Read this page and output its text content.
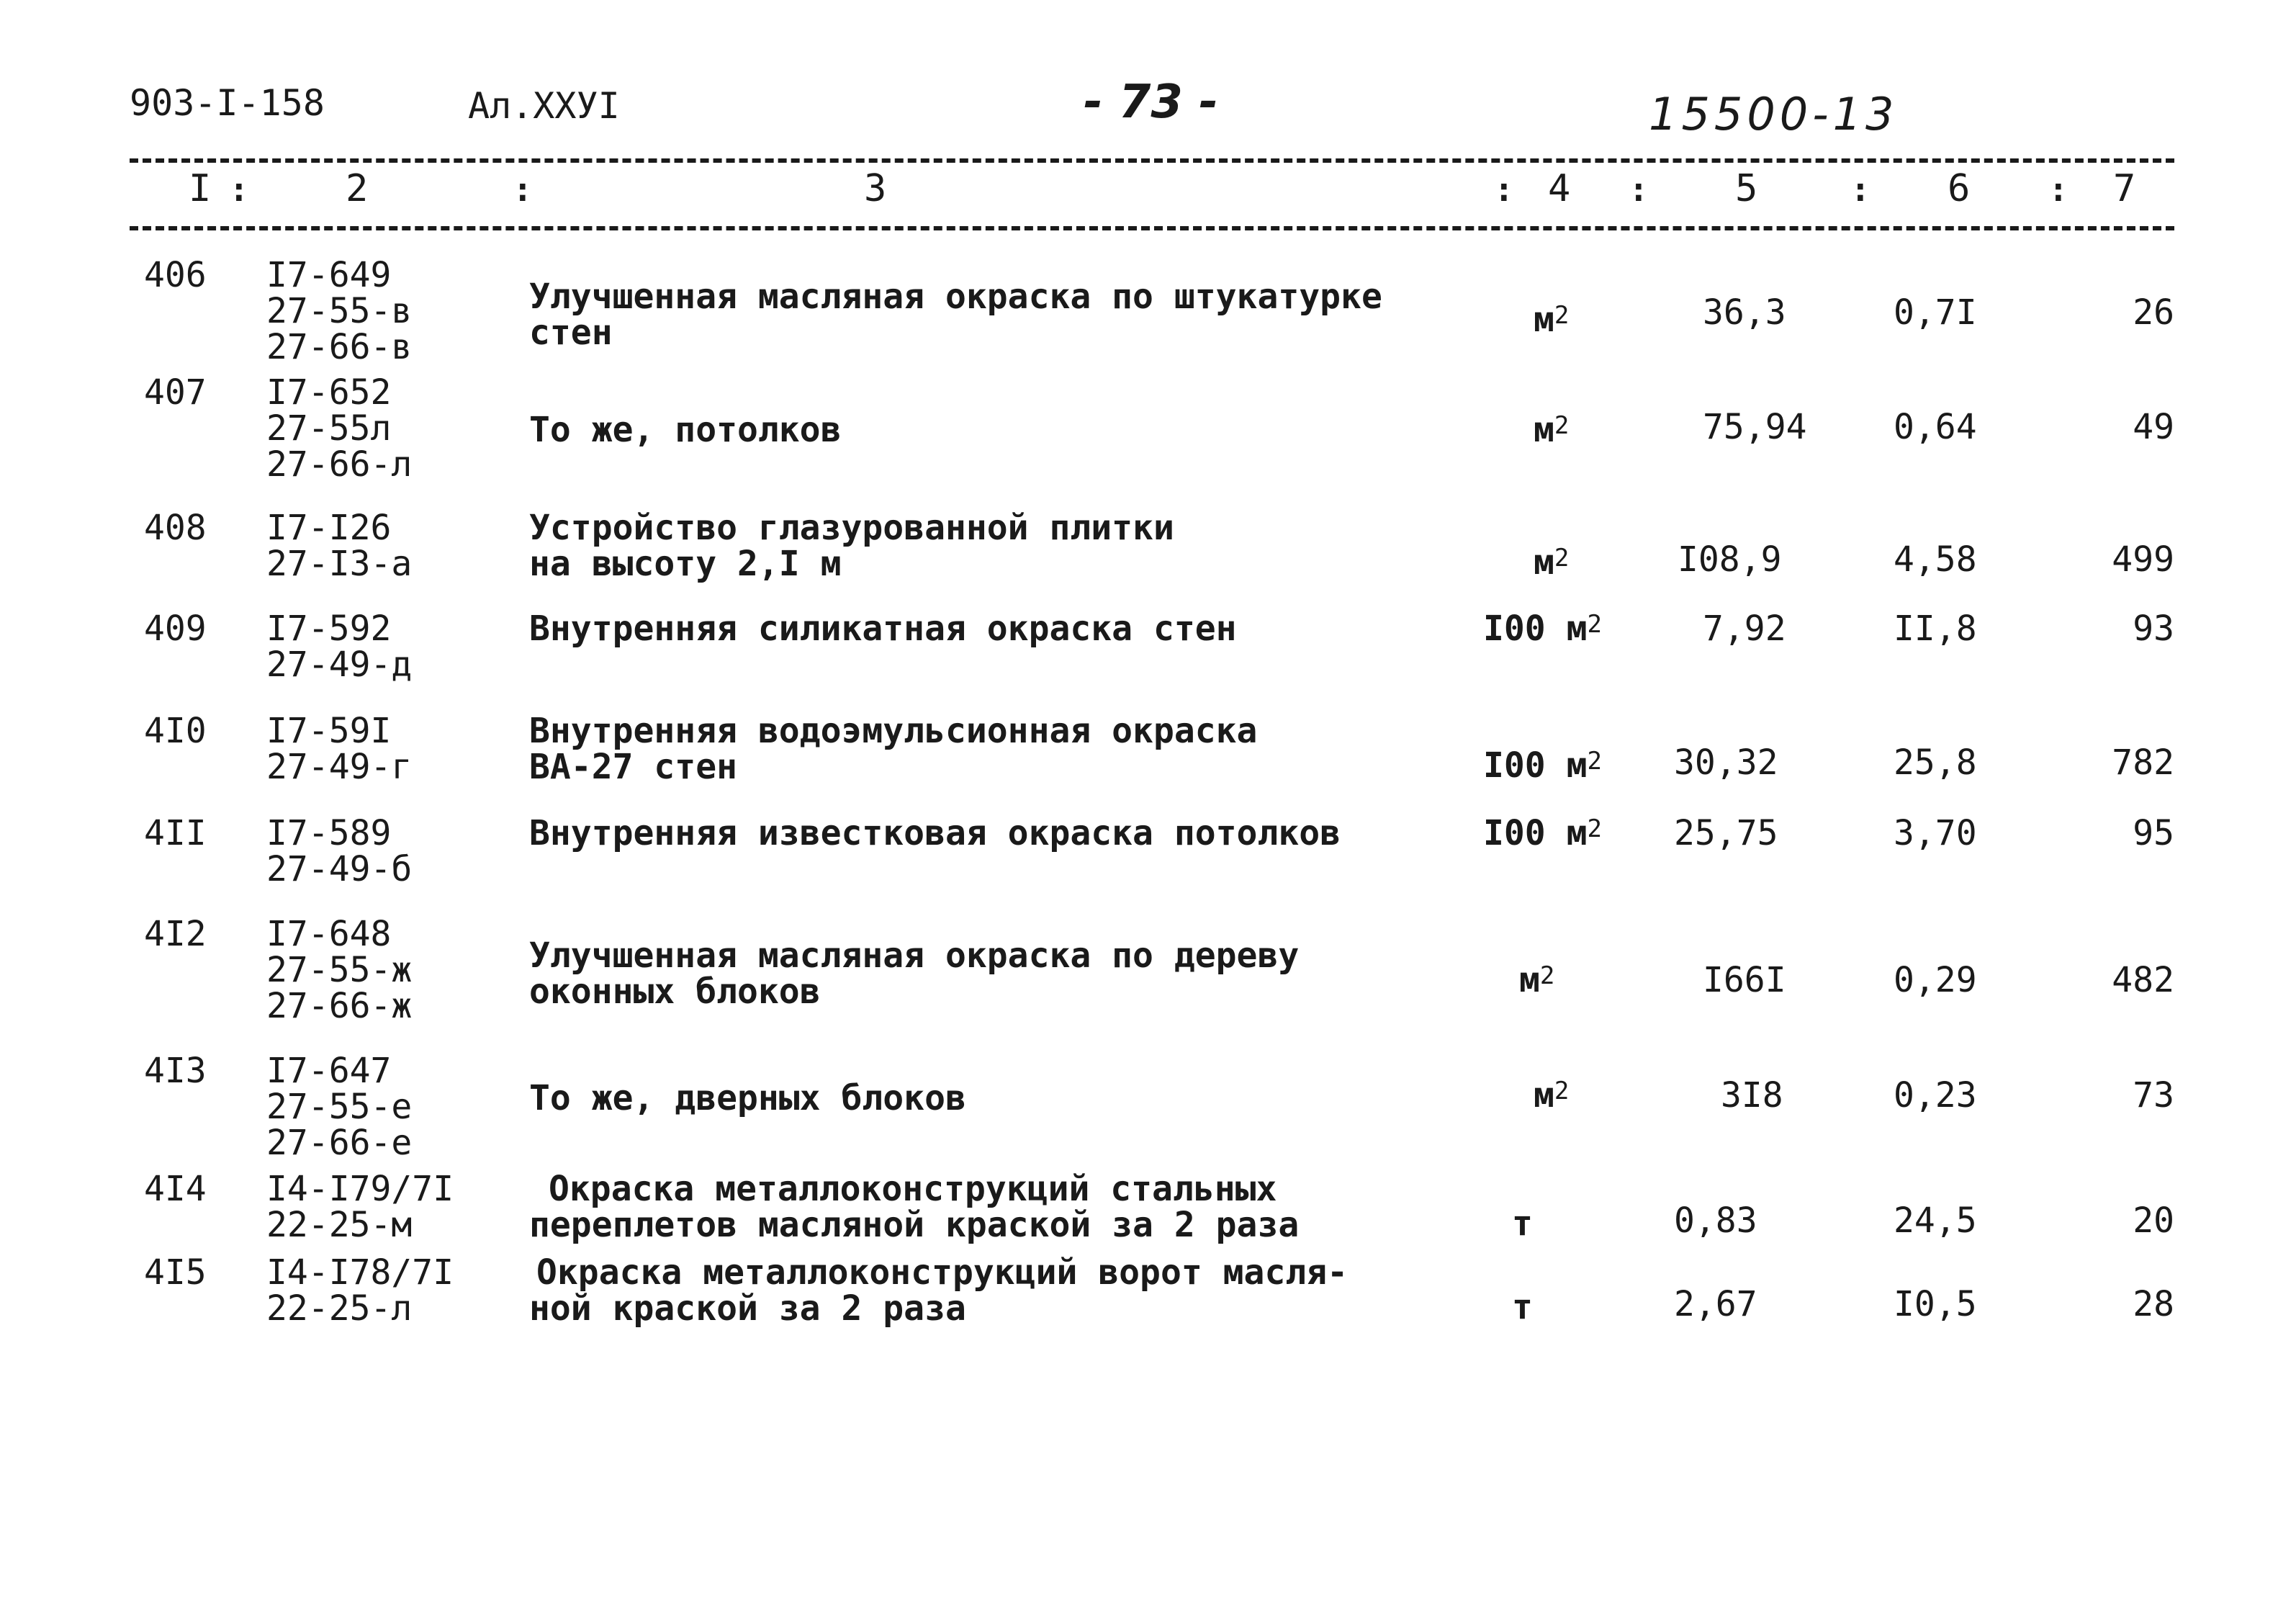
903-I-158	Ал.XXУI	- 73 -	15500-13
I :	2	:	3	: 4 : 5	: 6 : 7
406 I7-649
27-55-в
27-66-в
Улучшенная масляная окраска по штукатурке
стен	$м^2$	36,3	0,7I	26
407 I7-652
27-55л
27-66-л
То же, потолков	$м^2$	75,94	0,64	49
408 I7-I26
27-I3-а
Устройство глазурованной плитки
на высоту 2,I м	$м^2$	I08,9	4,58	499
409 I7-592
27-49-д
Внутренняя силикатная окраска стен	I00 $м^2$	7,92	II,8	93
4I0 I7-59I
27-49-г
Внутренняя водоэмульсионная окраска
ВА-27 стен	I00 $м^2$	30,32	25,8	782
4II I7-589
27-49-б
Внутренняя известковая окраска потолков	I00 $м^2$	25,75	3,70	95
4I2 I7-648
27-55-ж
27-66-ж
Улучшенная масляная окраска по дереву
оконных блоков	$м^2$	I66I	0,29	482
4I3 I7-647
27-55-е
27-66-е
То же, дверных блоков	$м^2$	3I8	0,23	73
4I4 I4-I79/7I
22-25-м
Окраска металлоконструкций стальных
переплетов масляной краской за 2 раза	т	0,83	24,5	20
4I5 I4-I78/7I
22-25-л
Окраска металлоконструкций ворот масля-
ной краской за 2 раза	т	2,67	I0,5	28
